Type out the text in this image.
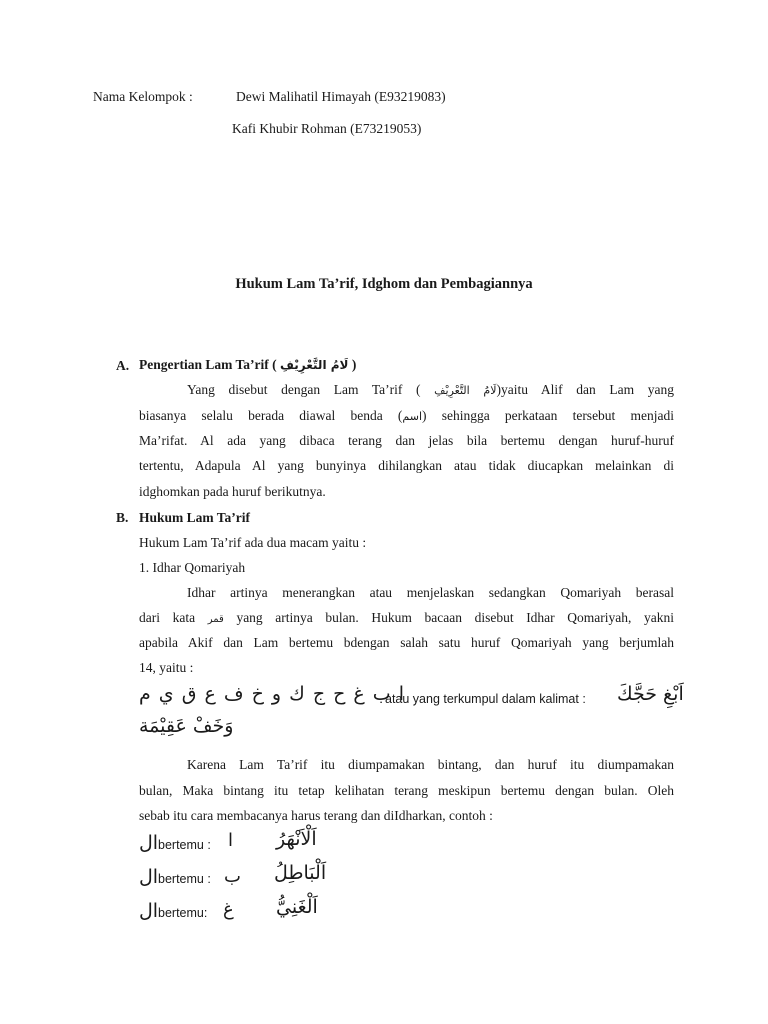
Nama Kelompok :	Dewi Malihatil Himayah (E93219083)
Kafi Khubir Rohman (E73219053)
Hukum Lam Ta’rif, Idghom dan Pembagiannya
A. Pengertian Lam Ta’rif ( لَامُ التَّعْرِيْفِ )
Yang disebut dengan Lam Ta’rif ( لَامُ التَّعْرِيْفِ)yaitu Alif dan Lam yang
biasanya selalu berada diawal benda (اسم) sehingga perkataan tersebut menjadi
Ma’rifat. Al ada yang dibaca terang dan jelas bila bertemu dengan huruf-huruf
tertentu, Adapula Al yang bunyinya dihilangkan atau tidak diucapkan melainkan di
idghomkan pada huruf berikutnya.
B. Hukum Lam Ta’rif
Hukum Lam Ta’rif ada dua macam yaitu :
1. Idhar Qomariyah
Idhar artinya menerangkan atau menjelaskan sedangkan Qomariyah berasal
dari kata قمر yang artinya bulan. Hukum bacaan disebut Idhar Qomariyah, yakni
apabila Akif dan Lam bertemu bdengan salah satu huruf Qomariyah yang berjumlah
14, yaitu :
ا ب غ ح ج ك و خ ف ع ق ي م
atau yang terkumpul dalam kalimat : اَبْغِ حَجَّكَ
وَخَفْ عَقِيْمَة
Karena Lam Ta’rif itu diumpamakan bintang, dan huruf itu diumpamakan
bulan, Maka bintang itu tetap kelihatan terang meskipun bertemu dengan bulan. Oleh
sebab itu cara membacanya harus terang dan diIdharkan, contoh :
ال bertemu : ا اَلْاَنْهَرُ
ال bertemu : ب اَلْبَاطِلُ
ال bertemu: غ اَلْغَنِيُّ
